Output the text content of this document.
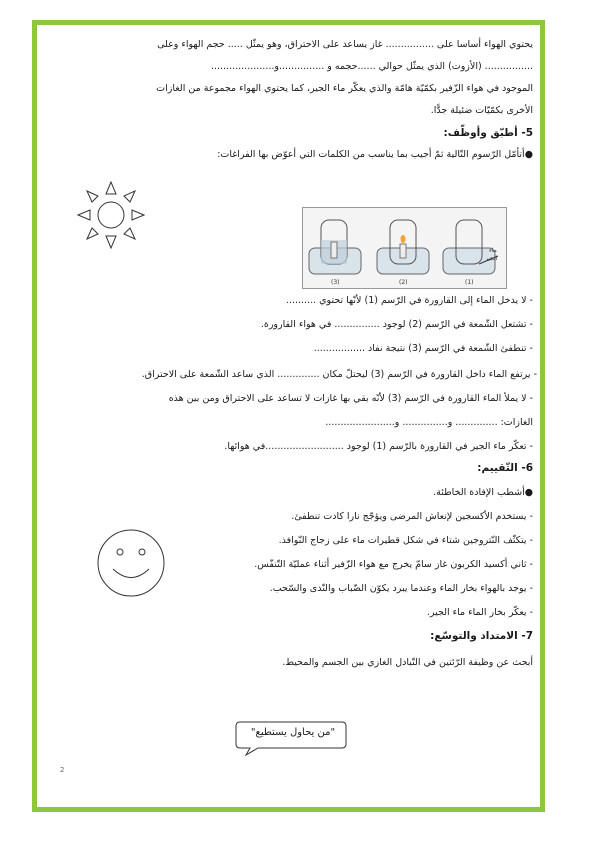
يحتوي الهواء أساسا على ................ غاز يساعد على الاحتراق، وهو يمثّل ..... حجم الهواء وعلى
................ (الأزوت) الذي يمثّل حوالي ......حجمه و ...............و.....................
الموجود في هواء الزّفير بكمّيّة هامّة والذي يعكّر ماء الجير، كما يحتوي الهواء مجموعة من الغازات
الأخرى بكمّيّات ضئيلة جدًّا.
5- أطبّق وأوظّف:
●أتأمّل الرّسوم التّالية ثمّ أجيب بما يناسب من الكلمات التي أعوّض بها الفراغات:
(3)	(2)	(1)
ماء
الجير
- لا يدخل الماء إلى القارورة في الرّسم (1) لأنّها تحتوي ..........
- تشتعل الشّمعة في الرّسم (2) لوجود ............... في هواء القارورة.
- تنطفئ الشّمعة في الرّسم (3) نتيجة نفاد .................
- يرتفع الماء داخل القارورة في الرّسم (3) ليحتلّ مكان .............. الذي ساعد الشّمعة على الاحتراق.
- لا يملأ الماء القارورة في الرّسم (3) لأنّه بقي بها غازات لا تساعد على الاحتراق ومن بين هذه
الغازات: .............. و............... و.......................
- تعكّر ماء الجير في القارورة بالرّسم (1) لوجود ..........................في هوائها.
6- التّقييم:
●أشطب الإفادة الخاطئة.
- يستخدم الأكسجين لإنعاش المرضى ويؤجّج نارا كادت تنطفئ.
- يتكثّف النّتروجين شتاء في شكل قطيرات ماء على زجاج النّوافذ.
- ثاني أكسيد الكربون غاز سامّ يخرج مع هواء الزّفير أثناء عمليّة التّنفّس.
- يوجد بالهواء بخار الماء وعندما يبرد يكوّن الضّباب والنّدى والسّحب.
- يعكّر بخار الماء ماء الجير.
7- الامتداد والتوسّع:
أبحث عن وظيفة الرّئتين في التّبادل الغازي بين الجسم والمحيط.
"من يحاول يستطيع"
2
